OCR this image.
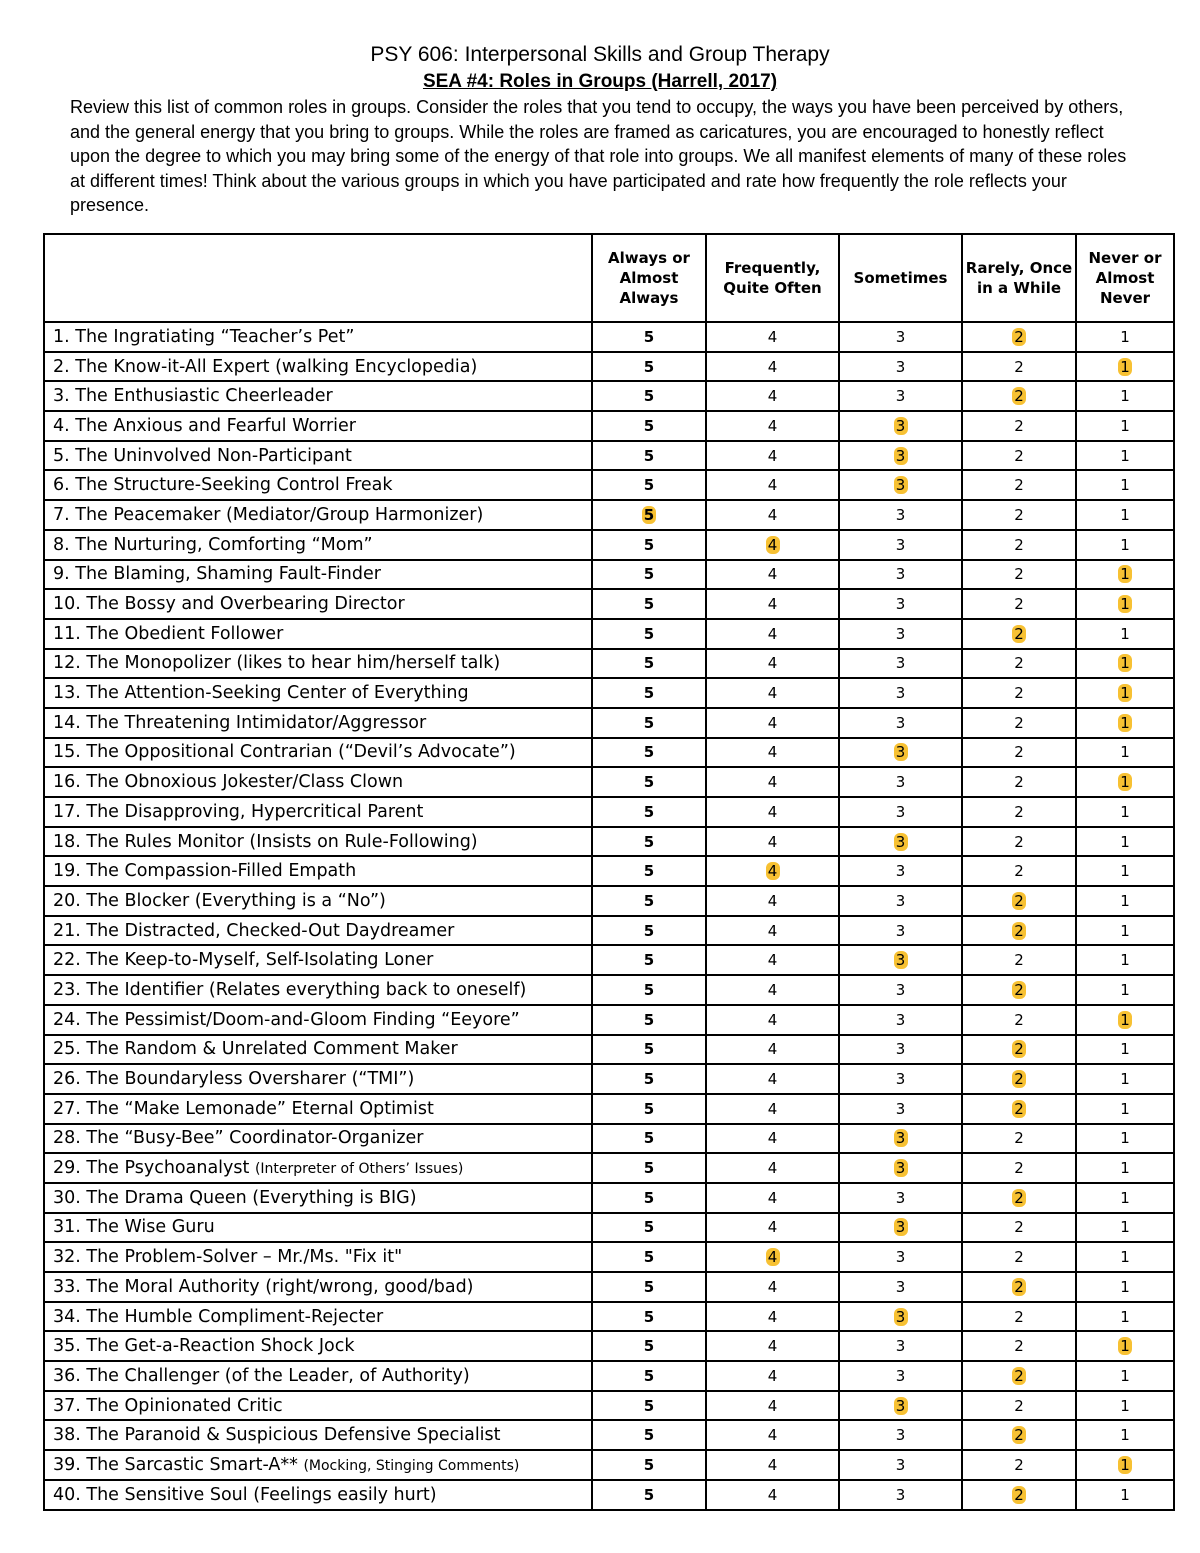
PSY 606: Interpersonal Skills and Group Therapy
SEA #4: Roles in Groups (Harrell, 2017)
Review this list of common roles in groups. Consider the roles that you tend to occupy, the ways you have been perceived by others, and the general energy that you bring to groups. While the roles are framed as caricatures, you are encouraged to honestly reflect upon the degree to which you may bring some of the energy of that role into groups. We all manifest elements of many of these roles at different times! Think about the various groups in which you have participated and rate how frequently the role reflects your presence.
	Always or Almost Always	Frequently, Quite Often	Sometimes	Rarely, Once in a While	Never or Almost Never
1. The Ingratiating “Teacher’s Pet”	5	4	3	2	1
2. The Know-it-All Expert (walking Encyclopedia)	5	4	3	2	1
3. The Enthusiastic Cheerleader	5	4	3	2	1
4. The Anxious and Fearful Worrier	5	4	3	2	1
5. The Uninvolved Non-Participant	5	4	3	2	1
6. The Structure-Seeking Control Freak	5	4	3	2	1
7. The Peacemaker (Mediator/Group Harmonizer)	5	4	3	2	1
8. The Nurturing, Comforting “Mom”	5	4	3	2	1
9. The Blaming, Shaming Fault-Finder	5	4	3	2	1
10. The Bossy and Overbearing Director	5	4	3	2	1
11. The Obedient Follower	5	4	3	2	1
12. The Monopolizer (likes to hear him/herself talk)	5	4	3	2	1
13. The Attention-Seeking Center of Everything	5	4	3	2	1
14. The Threatening Intimidator/Aggressor	5	4	3	2	1
15. The Oppositional Contrarian (“Devil’s Advocate”)	5	4	3	2	1
16. The Obnoxious Jokester/Class Clown	5	4	3	2	1
17. The Disapproving, Hypercritical Parent	5	4	3	2	1
18. The Rules Monitor (Insists on Rule-Following)	5	4	3	2	1
19. The Compassion-Filled Empath	5	4	3	2	1
20. The Blocker (Everything is a “No”)	5	4	3	2	1
21. The Distracted, Checked-Out Daydreamer	5	4	3	2	1
22. The Keep-to-Myself, Self-Isolating Loner	5	4	3	2	1
23. The Identifier (Relates everything back to oneself)	5	4	3	2	1
24. The Pessimist/Doom-and-Gloom Finding “Eeyore”	5	4	3	2	1
25. The Random & Unrelated Comment Maker	5	4	3	2	1
26. The Boundaryless Oversharer (“TMI”)	5	4	3	2	1
27. The “Make Lemonade” Eternal Optimist	5	4	3	2	1
28. The “Busy-Bee” Coordinator-Organizer	5	4	3	2	1
29. The Psychoanalyst (Interpreter of Others’ Issues)	5	4	3	2	1
30. The Drama Queen (Everything is BIG)	5	4	3	2	1
31. The Wise Guru	5	4	3	2	1
32. The Problem-Solver – Mr./Ms. "Fix it"	5	4	3	2	1
33. The Moral Authority (right/wrong, good/bad)	5	4	3	2	1
34. The Humble Compliment-Rejecter	5	4	3	2	1
35. The Get-a-Reaction Shock Jock	5	4	3	2	1
36. The Challenger (of the Leader, of Authority)	5	4	3	2	1
37. The Opinionated Critic	5	4	3	2	1
38. The Paranoid & Suspicious Defensive Specialist	5	4	3	2	1
39. The Sarcastic Smart-A** (Mocking, Stinging Comments)	5	4	3	2	1
40. The Sensitive Soul (Feelings easily hurt)	5	4	3	2	1
